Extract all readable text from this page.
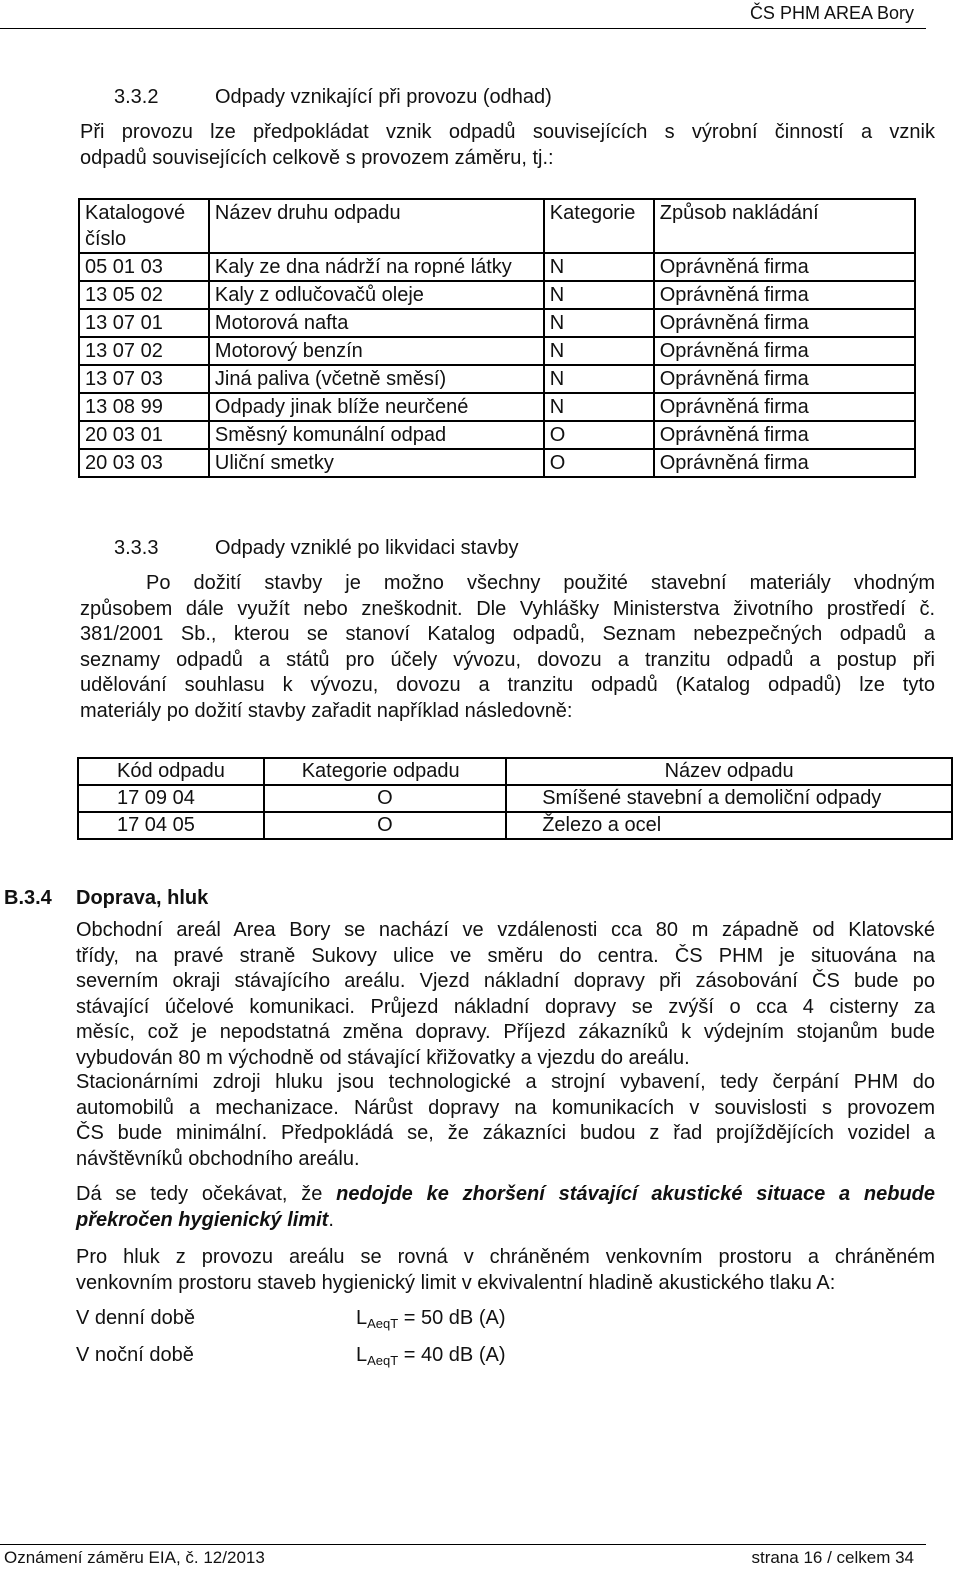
ČS PHM AREA Bory
3.3.2	Odpady vznikající při provozu (odhad)
Při provozu lze předpokládat vznik odpadů souvisejících s výrobní činností a vznik
odpadů souvisejících celkově s provozem záměru, tj.:
Katalogové číslo	Název druhu odpadu	Kategorie	Způsob nakládání
05 01 03	Kaly ze dna nádrží na ropné látky	N	Oprávněná firma
13 05 02	Kaly z odlučovačů oleje	N	Oprávněná firma
13 07 01	Motorová nafta	N	Oprávněná firma
13 07 02	Motorový benzín	N	Oprávněná firma
13 07 03	Jiná paliva (včetně směsí)	N	Oprávněná firma
13 08 99	Odpady jinak blíže neurčené	N	Oprávněná firma
20 03 01	Směsný komunální odpad	O	Oprávněná firma
20 03 03	Uliční smetky	O	Oprávněná firma
3.3.3	Odpady vzniklé po likvidaci stavby
Po dožití stavby je možno všechny použité stavební materiály vhodným
způsobem dále využít nebo zneškodnit. Dle Vyhlášky Ministerstva životního prostředí č.
381/2001 Sb., kterou se stanoví Katalog odpadů, Seznam nebezpečných odpadů a
seznamy odpadů a států pro účely vývozu, dovozu a tranzitu odpadů a postup při
udělování souhlasu k vývozu, dovozu a tranzitu odpadů (Katalog odpadů) lze tyto
materiály po dožití stavby zařadit například následovně:
Kód odpadu	Kategorie odpadu	Název odpadu
17 09 04	O	Smíšené stavební a demoliční odpady
17 04 05	O	Železo a ocel
B.3.4 Doprava, hluk
Obchodní areál Area Bory se nachází ve vzdálenosti cca 80 m západně od Klatovské
třídy, na pravé straně Sukovy ulice ve směru do centra. ČS PHM je situována na
severním okraji stávajícího areálu. Vjezd nákladní dopravy při zásobování ČS bude po
stávající účelové komunikaci. Průjezd nákladní dopravy se zvýší o cca 4 cisterny za
měsíc, což je nepodstatná změna dopravy. Příjezd zákazníků k výdejním stojanům bude
vybudován 80 m východně od stávající křižovatky a vjezdu do areálu.
Stacionárními zdroji hluku jsou technologické a strojní vybavení, tedy čerpání PHM do
automobilů a mechanizace. Nárůst dopravy na komunikacích v souvislosti s provozem
ČS bude minimální. Předpokládá se, že zákazníci budou z řad projíždějících vozidel a
návštěvníků obchodního areálu.
Dá se tedy očekávat, že nedojde ke zhoršení stávající akustické situace a nebude
překročen hygienický limit.
Pro hluk z provozu areálu se rovná v chráněném venkovním prostoru a chráněném
venkovním prostoru staveb hygienický limit v ekvivalentní hladině akustického tlaku A:
V denní době	$L_{AeqT} = 50$ dB (A)
V noční době	$L_{AeqT} = 40$ dB (A)
Oznámení záměru EIA, č. 12/2013	strana 16 / celkem 34
